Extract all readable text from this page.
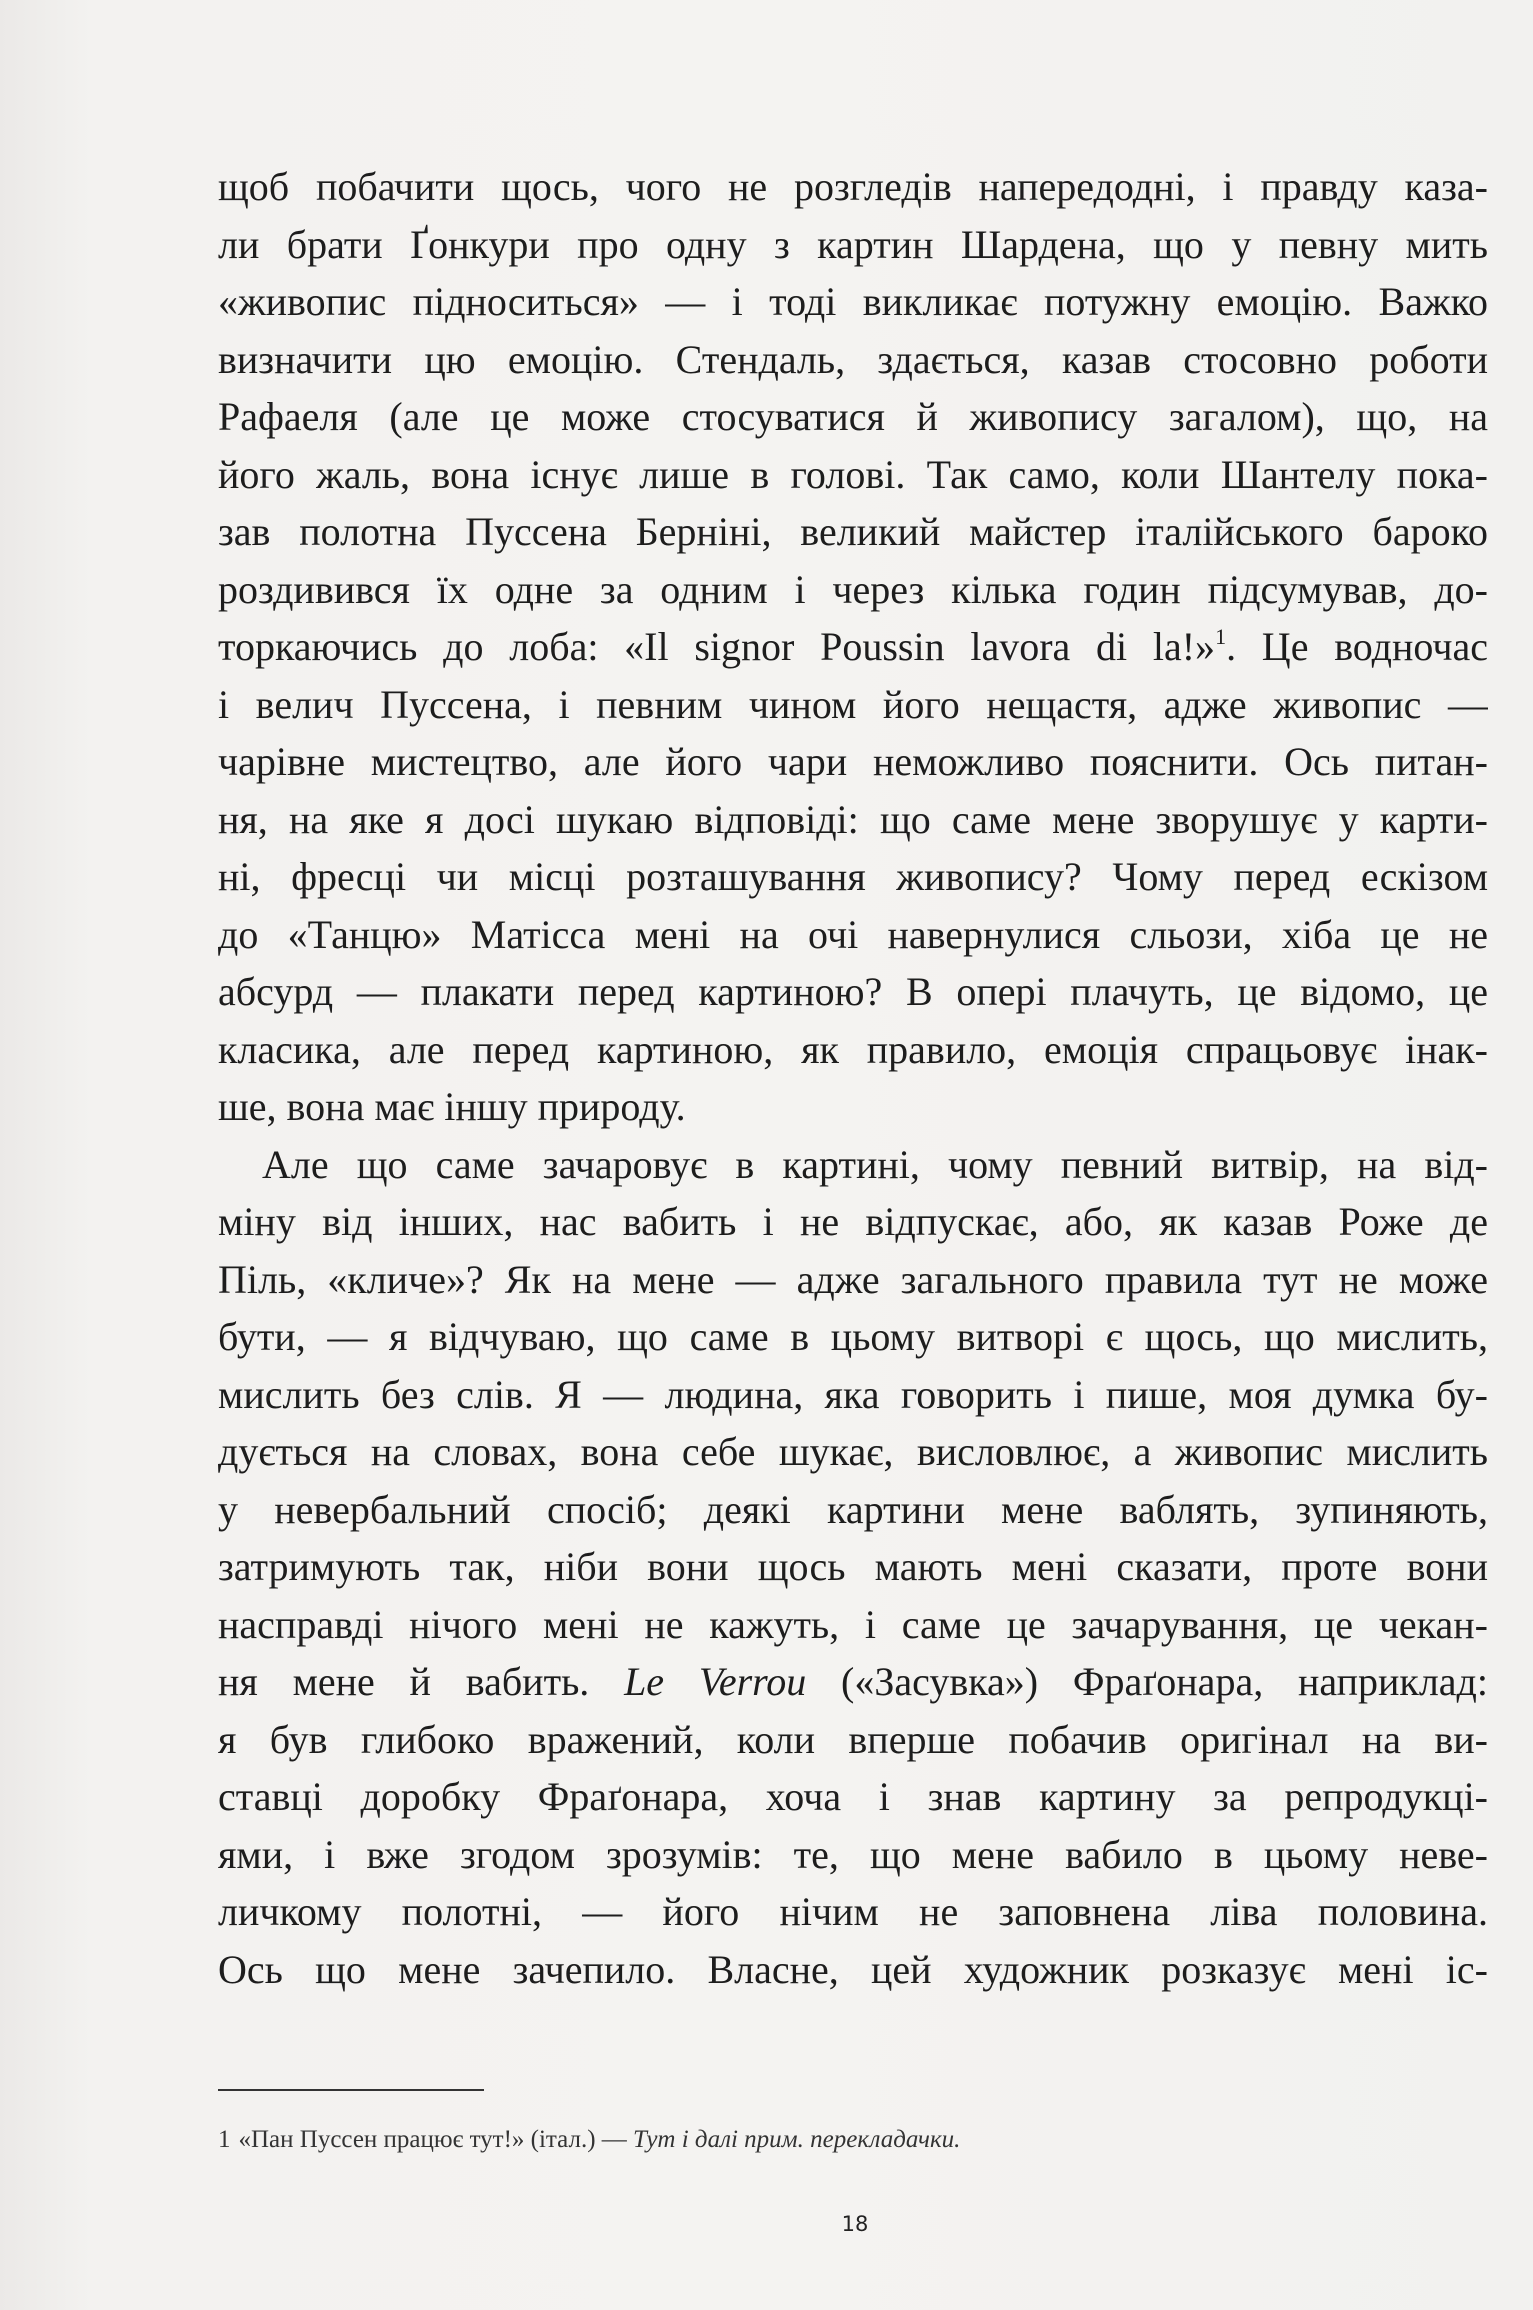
щоб побачити щось, чого не розгледів напередодні, і правду каза-
ли брати Ґонкури про одну з картин Шардена, що у певну мить
«живопис підноситься» — і тоді викликає потужну емоцію. Важко
визначити цю емоцію. Стендаль, здається, казав стосовно роботи
Рафаеля (але це може стосуватися й живопису загалом), що, на
його жаль, вона існує лише в голові. Так само, коли Шантелу пока-
зав полотна Пуссена Берніні, великий майстер італійського бароко
роздивився їх одне за одним і через кілька годин підсумував, до-
торкаючись до лоба: «Il signor Poussin lavora di la!»$^1$. Це водночас
і велич Пуссена, і певним чином його нещастя, адже живопис —
чарівне мистецтво, але його чари неможливо пояснити. Ось питан-
ня, на яке я досі шукаю відповіді: що саме мене зворушує у карти-
ні, фресці чи місці розташування живопису? Чому перед ескізом
до «Танцю» Матісса мені на очі навернулися сльози, хіба це не
абсурд — плакати перед картиною? В опері плачуть, це відомо, це
класика, але перед картиною, як правило, емоція спрацьовує інак-
ше, вона має іншу природу.
Але що саме зачаровує в картині, чому певний витвір, на від-
міну від інших, нас вабить і не відпускає, або, як казав Роже де
Піль, «кличе»? Як на мене — адже загального правила тут не може
бути, — я відчуваю, що саме в цьому витворі є щось, що мислить,
мислить без слів. Я — людина, яка говорить і пише, моя думка бу-
дується на словах, вона себе шукає, висловлює, а живопис мислить
у невербальний спосіб; деякі картини мене ваблять, зупиняють,
затримують так, ніби вони щось мають мені сказати, проте вони
насправді нічого мені не кажуть, і саме це зачарування, це чекан-
ня мене й вабить. Le Verrou («Засувка») Фраґонара, наприклад:
я був глибоко вражений, коли вперше побачив оригінал на ви-
ставці доробку Фраґонара, хоча і знав картину за репродукці-
ями, і вже згодом зрозумів: те, що мене вабило в цьому неве-
личкому полотні, — його нічим не заповнена ліва половина.
Ось що мене зачепило. Власне, цей художник розказує мені іс-
1 «Пан Пуссен працює тут!» (італ.) — Тут і далі прим. перекладачки.
18
